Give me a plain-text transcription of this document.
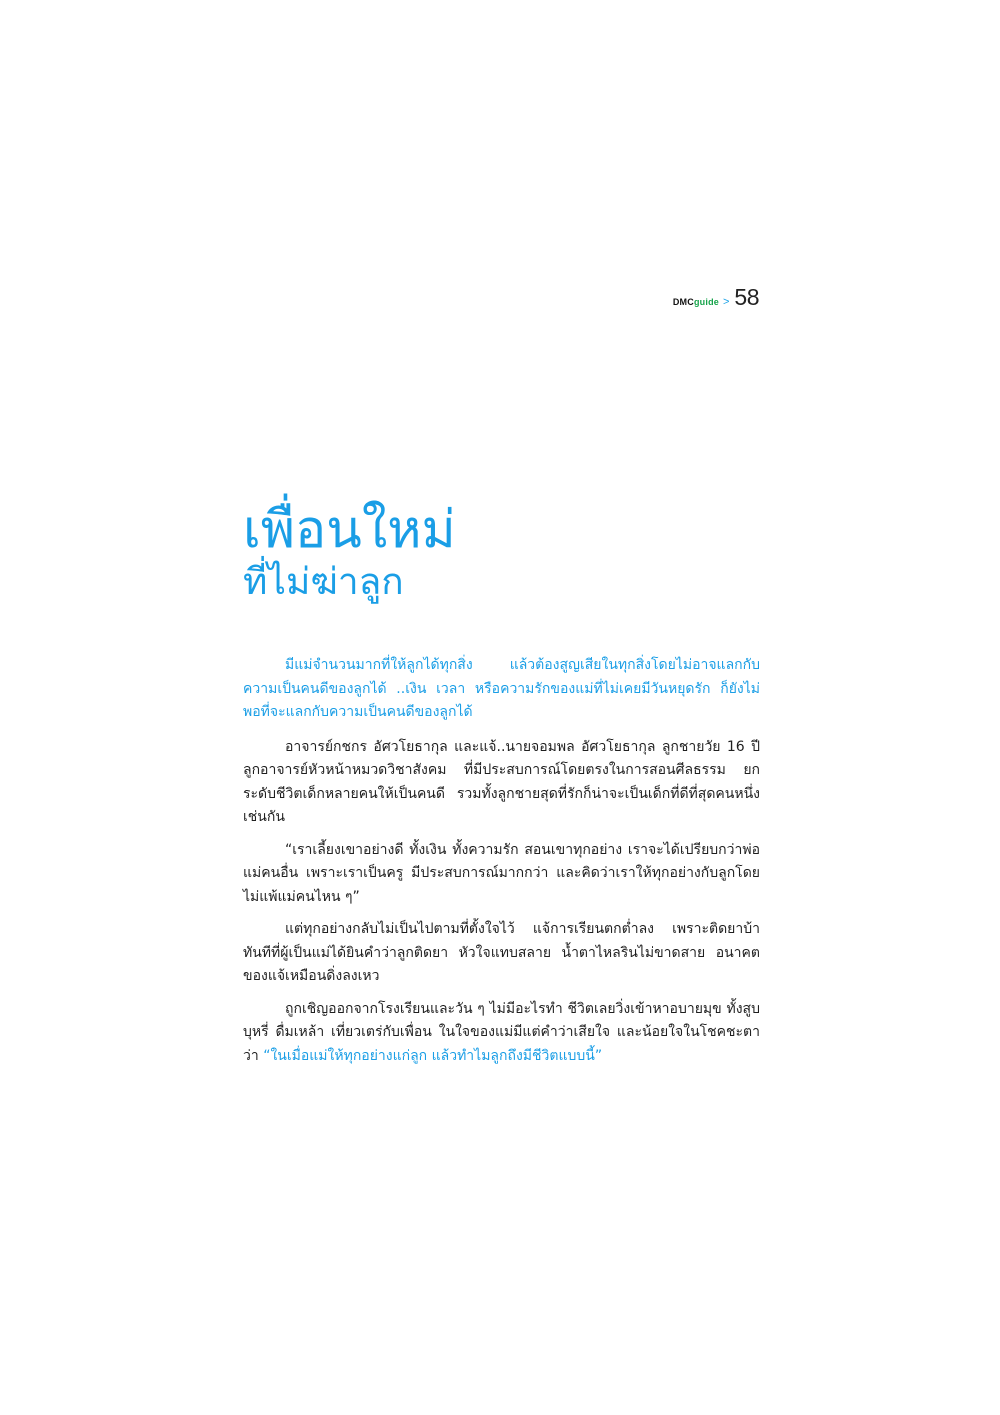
DMCguide > 58
เพื่อนใหม่
ที่ไม่ฆ่าลูก

มีแม่จำนวนมากที่ให้ลูกได้ทุกสิ่ง แล้วต้องสูญเสียในทุกสิ่งโดยไม่อาจแลกกับความเป็นคนดีของลูกได้ ..เงิน เวลา หรือความรักของแม่ที่ไม่เคยมีวันหยุดรัก ก็ยังไม่พอที่จะแลกกับความเป็นคนดีของลูกได้

อาจารย์กชกร อัศวโยธากุล และแจ้..นายจอมพล อัศวโยธากุล ลูกชายวัย 16 ปี ลูกอาจารย์หัวหน้าหมวดวิชาสังคม ที่มีประสบการณ์โดยตรงในการสอนศีลธรรม ยกระดับชีวิตเด็กหลายคนให้เป็นคนดี รวมทั้งลูกชายสุดที่รักก็น่าจะเป็นเด็กที่ดีที่สุดคนหนึ่งเช่นกัน

“เราเลี้ยงเขาอย่างดี ทั้งเงิน ทั้งความรัก สอนเขาทุกอย่าง เราจะได้เปรียบกว่าพ่อแม่คนอื่น เพราะเราเป็นครู มีประสบการณ์มากกว่า และคิดว่าเราให้ทุกอย่างกับลูกโดยไม่แพ้แม่คนไหน ๆ”

แต่ทุกอย่างกลับไม่เป็นไปตามที่ตั้งใจไว้ แจ้การเรียนตกต่ำลง เพราะติดยาบ้า ทันทีที่ผู้เป็นแม่ได้ยินคำว่าลูกติดยา หัวใจแทบสลาย น้ำตาไหลรินไม่ขาดสาย อนาคตของแจ้เหมือนดิ่งลงเหว

ถูกเชิญออกจากโรงเรียนและวัน ๆ ไม่มีอะไรทำ ชีวิตเลยวิ่งเข้าหาอบายมุข ทั้งสูบบุหรี่ ดื่มเหล้า เที่ยวเตร่กับเพื่อน ในใจของแม่มีแต่คำว่าเสียใจ และน้อยใจในโชคชะตาว่า “ในเมื่อแม่ให้ทุกอย่างแก่ลูก แล้วทำไมลูกถึงมีชีวิตแบบนี้”
